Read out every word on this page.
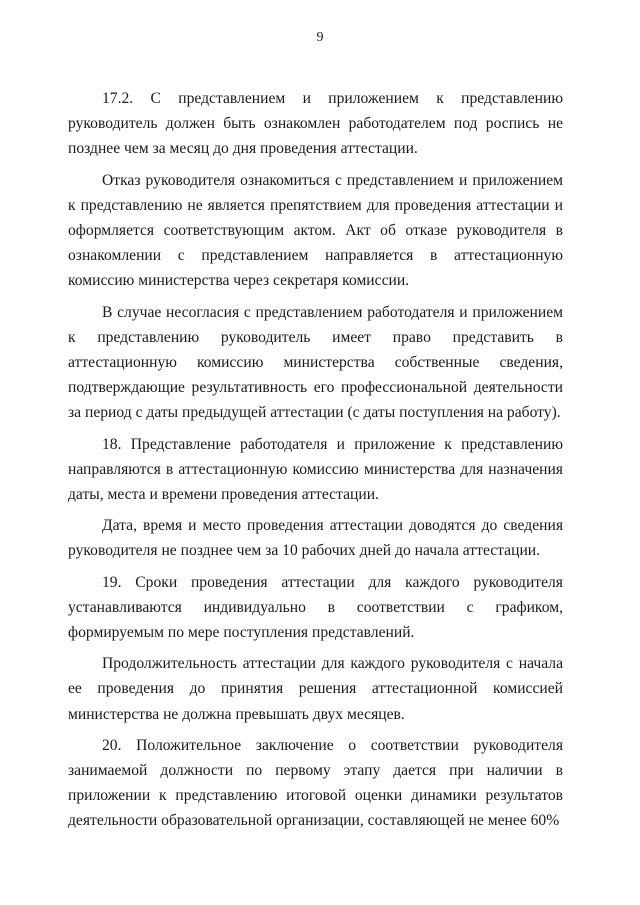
9

17.2. С представлением и приложением к представлению руководитель должен быть ознакомлен работодателем под роспись не позднее чем за месяц до дня проведения аттестации.

Отказ руководителя ознакомиться с представлением и приложением к представлению не является препятствием для проведения аттестации и оформляется соответствующим актом. Акт об отказе руководителя в ознакомлении с представлением направляется в аттестационную комиссию министерства через секретаря комиссии.

В случае несогласия с представлением работодателя и приложением к представлению руководитель имеет право представить в аттестационную комиссию министерства собственные сведения, подтверждающие результативность его профессиональной деятельности за период с даты предыдущей аттестации (с даты поступления на работу).

18. Представление работодателя и приложение к представлению направляются в аттестационную комиссию министерства для назначения даты, места и времени проведения аттестации.

Дата, время и место проведения аттестации доводятся до сведения руководителя не позднее чем за 10 рабочих дней до начала аттестации.

19. Сроки проведения аттестации для каждого руководителя устанавливаются индивидуально в соответствии с графиком, формируемым по мере поступления представлений.

Продолжительность аттестации для каждого руководителя с начала ее проведения до принятия решения аттестационной комиссией министерства не должна превышать двух месяцев.

20. Положительное заключение о соответствии руководителя занимаемой должности по первому этапу дается при наличии в приложении к представлению итоговой оценки динамики результатов деятельности образовательной организации, составляющей не менее 60%
